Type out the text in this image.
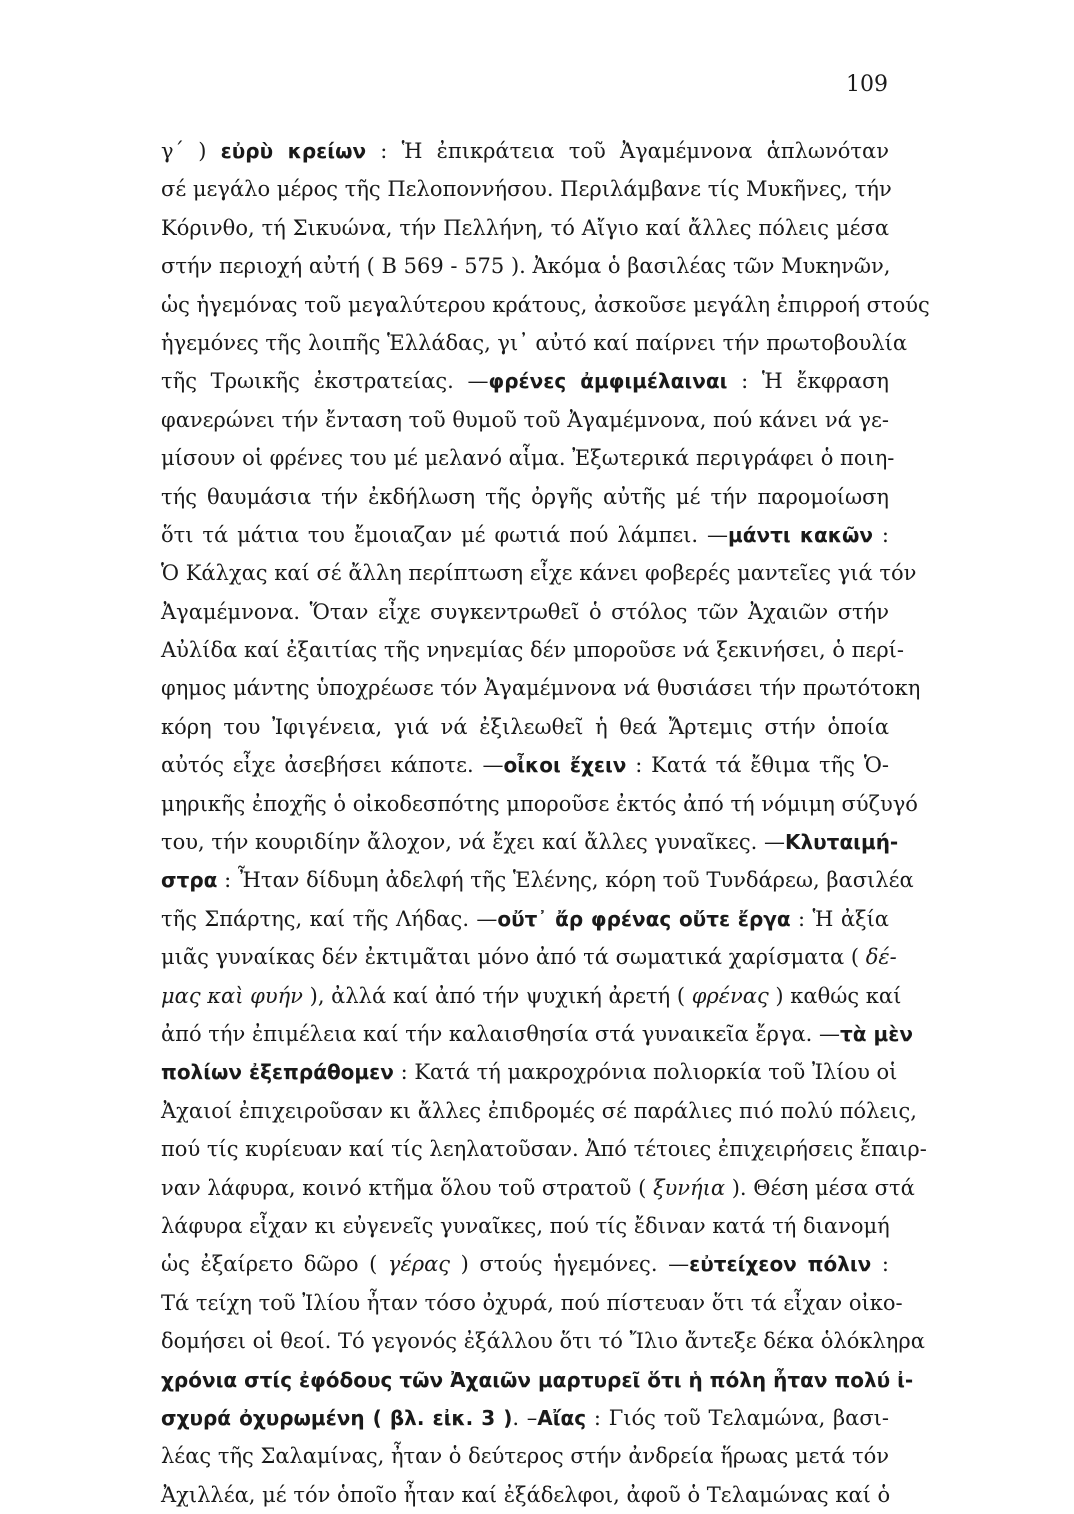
109
γ΄ ) εὐρὺ κρείων : Ἡ ἐπικράτεια τοῦ Ἀγαμέμνονα ἁπλωνόταν
σέ μεγάλο μέρος τῆς Πελοποννήσου. Περιλάμβανε τίς Μυκῆνες, τήν
Κόρινθο, τή Σικυώνα, τήν Πελλήνη, τό Αἴγιο καί ἄλλες πόλεις μέσα
στήν περιοχή αὐτή ( Β 569 - 575 ). Ἀκόμα ὁ βασιλέας τῶν Μυκηνῶν,
ὡς ἡγεμόνας τοῦ μεγαλύτερου κράτους, ἀσκοῦσε μεγάλη ἐπιρροή στούς
ἡγεμόνες τῆς λοιπῆς Ἑλλάδας, γι᾽ αὐτό καί παίρνει τήν πρωτοβουλία
τῆς Τρωικῆς ἐκστρατείας. —φρένες ἀμφιμέλαιναι : Ἡ ἔκφραση
φανερώνει τήν ἔνταση τοῦ θυμοῦ τοῦ Ἀγαμέμνονα, πού κάνει νά γε-
μίσουν οἱ φρένες του μέ μελανό αἷμα. Ἐξωτερικά περιγράφει ὁ ποιη-
τής θαυμάσια τήν ἐκδήλωση τῆς ὀργῆς αὐτῆς μέ τήν παρομοίωση
ὅτι τά μάτια του ἔμοιαζαν μέ φωτιά πού λάμπει. —μάντι κακῶν :
Ὁ Κάλχας καί σέ ἄλλη περίπτωση εἶχε κάνει φοβερές μαντεῖες γιά τόν
Ἀγαμέμνονα. Ὅταν εἶχε συγκεντρωθεῖ ὁ στόλος τῶν Ἀχαιῶν στήν
Αὐλίδα καί ἐξαιτίας τῆς νηνεμίας δέν μποροῦσε νά ξεκινήσει, ὁ περί-
φημος μάντης ὑποχρέωσε τόν Ἀγαμέμνονα νά θυσιάσει τήν πρωτότοκη
κόρη του Ἰφιγένεια, γιά νά ἐξιλεωθεῖ ἡ θεά Ἄρτεμις στήν ὁποία
αὐτός εἶχε ἀσεβήσει κάποτε. —οἶκοι ἔχειν : Κατά τά ἔθιμα τῆς Ὁ-
μηρικῆς ἐποχῆς ὁ οἰκοδεσπότης μποροῦσε ἐκτός ἀπό τή νόμιμη σύζυγό
του, τήν κουριδίην ἄλοχον, νά ἔχει καί ἄλλες γυναῖκες. —Κλυταιμή-
στρα : Ἦταν δίδυμη ἀδελφή τῆς Ἑλένης, κόρη τοῦ Τυνδάρεω, βασιλέα
τῆς Σπάρτης, καί τῆς Λήδας. —οὔτ᾽ ἄρ φρένας οὔτε ἔργα : Ἡ ἀξία
μιᾶς γυναίκας δέν ἐκτιμᾶται μόνο ἀπό τά σωματικά χαρίσματα ( δέ-
μας καὶ φυήν ), ἀλλά καί ἀπό τήν ψυχική ἀρετή ( φρένας ) καθώς καί
ἀπό τήν ἐπιμέλεια καί τήν καλαισθησία στά γυναικεῖα ἔργα. —τὰ μὲν
πολίων ἐξεπράθομεν : Κατά τή μακροχρόνια πολιορκία τοῦ Ἰλίου οἱ
Ἀχαιοί ἐπιχειροῦσαν κι ἄλλες ἐπιδρομές σέ παράλιες πιό πολύ πόλεις,
πού τίς κυρίευαν καί τίς λεηλατοῦσαν. Ἀπό τέτοιες ἐπιχειρήσεις ἔπαιρ-
ναν λάφυρα, κοινό κτῆμα ὅλου τοῦ στρατοῦ ( ξυνήια ). Θέση μέσα στά
λάφυρα εἶχαν κι εὐγενεῖς γυναῖκες, πού τίς ἔδιναν κατά τή διανομή
ὡς ἐξαίρετο δῶρο ( γέρας ) στούς ἡγεμόνες. —εὐτείχεον πόλιν :
Τά τείχη τοῦ Ἰλίου ἦταν τόσο ὀχυρά, πού πίστευαν ὅτι τά εἶχαν οἰκο-
δομήσει οἱ θεοί. Τό γεγονός ἐξάλλου ὅτι τό Ἴλιο ἄντεξε δέκα ὁλόκληρα
χρόνια στίς ἐφόδους τῶν Ἀχαιῶν μαρτυρεῖ ὅτι ἡ πόλη ἦταν πολύ ἰ-
σχυρά ὀχυρωμένη ( βλ. εἰκ. 3 ). –Αἴας : Γιός τοῦ Τελαμώνα, βασι-
λέας τῆς Σαλαμίνας, ἦταν ὁ δεύτερος στήν ἀνδρεία ἥρωας μετά τόν
Ἀχιλλέα, μέ τόν ὁποῖο ἦταν καί ἐξάδελφοι, ἀφοῦ ὁ Τελαμώνας καί ὁ
